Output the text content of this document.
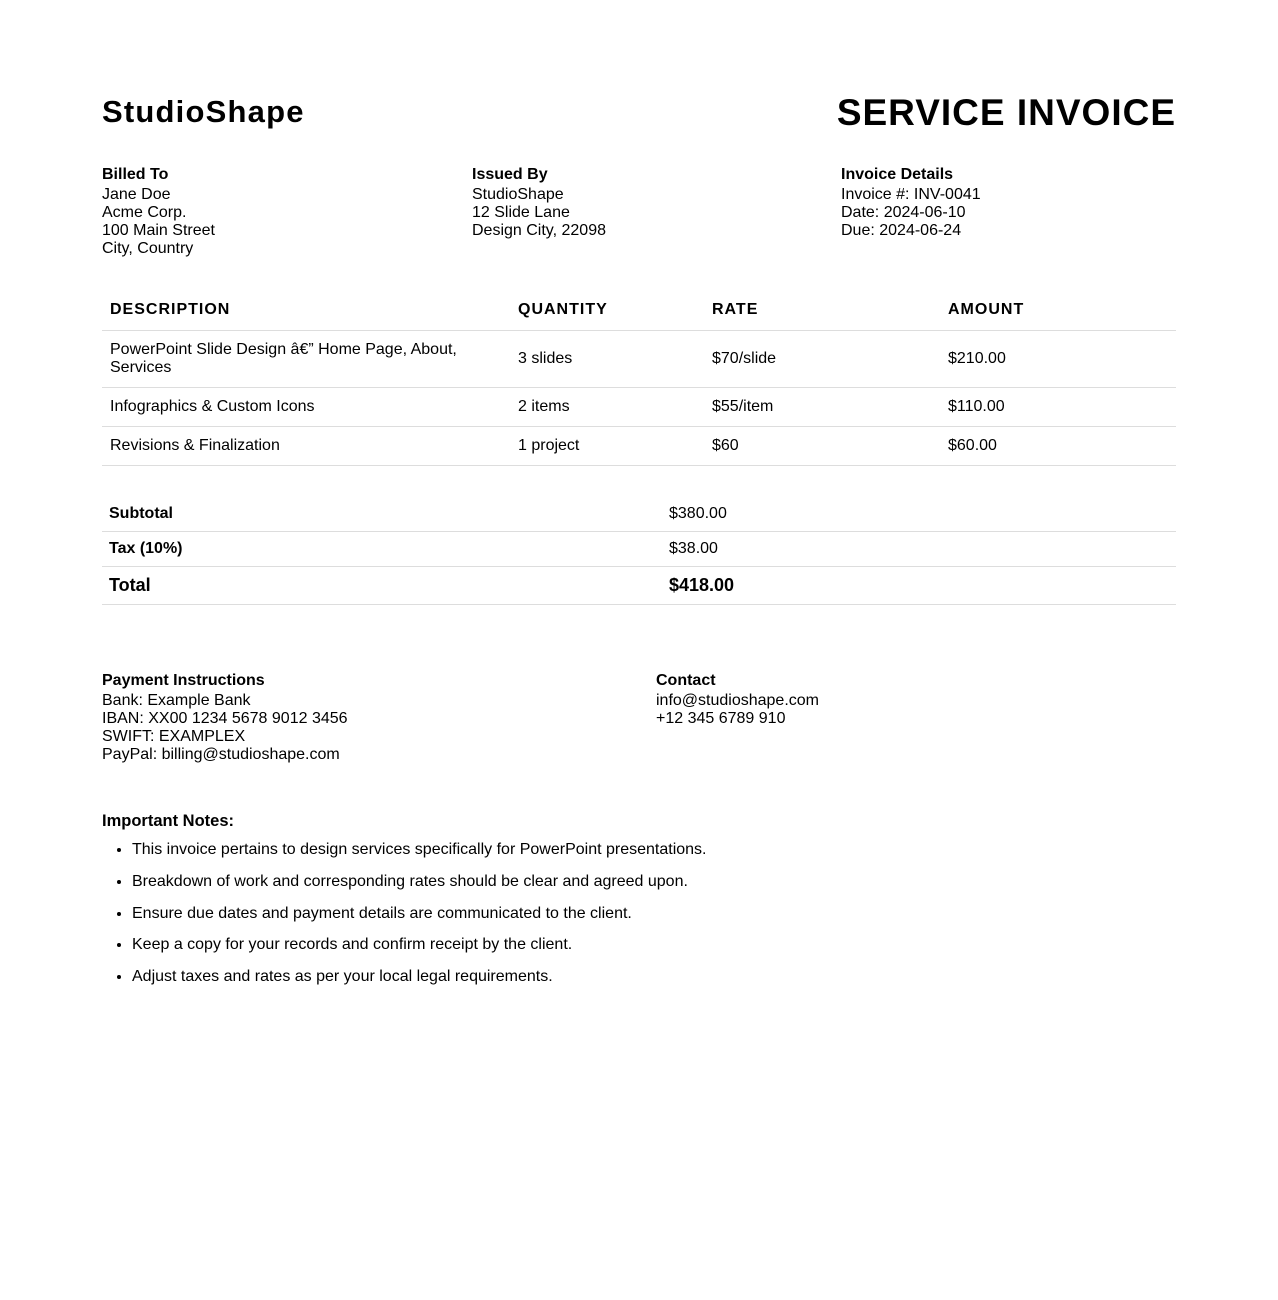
StudioShape	SERVICE INVOICE
Billed To
Jane Doe
Acme Corp.
100 Main Street
City, Country
Issued By
StudioShape
12 Slide Lane
Design City, 22098
Invoice Details
Invoice #: INV-0041
Date: 2024-06-10
Due: 2024-06-24
DESCRIPTION	QUANTITY	RATE	AMOUNT
PowerPoint Slide Design â€” Home Page, About, Services	3 slides	$70/slide	$210.00
Infographics & Custom Icons	2 items	$55/item	$110.00
Revisions & Finalization	1 project	$60	$60.00
Subtotal	$380.00
Tax (10%)	$38.00
Total	$418.00
Payment Instructions
Bank: Example Bank
IBAN: XX00 1234 5678 9012 3456
SWIFT: EXAMPLEX
PayPal: billing@studioshape.com
Contact
info@studioshape.com
+12 345 6789 910
Important Notes:
• This invoice pertains to design services specifically for PowerPoint presentations.
• Breakdown of work and corresponding rates should be clear and agreed upon.
• Ensure due dates and payment details are communicated to the client.
• Keep a copy for your records and confirm receipt by the client.
• Adjust taxes and rates as per your local legal requirements.
